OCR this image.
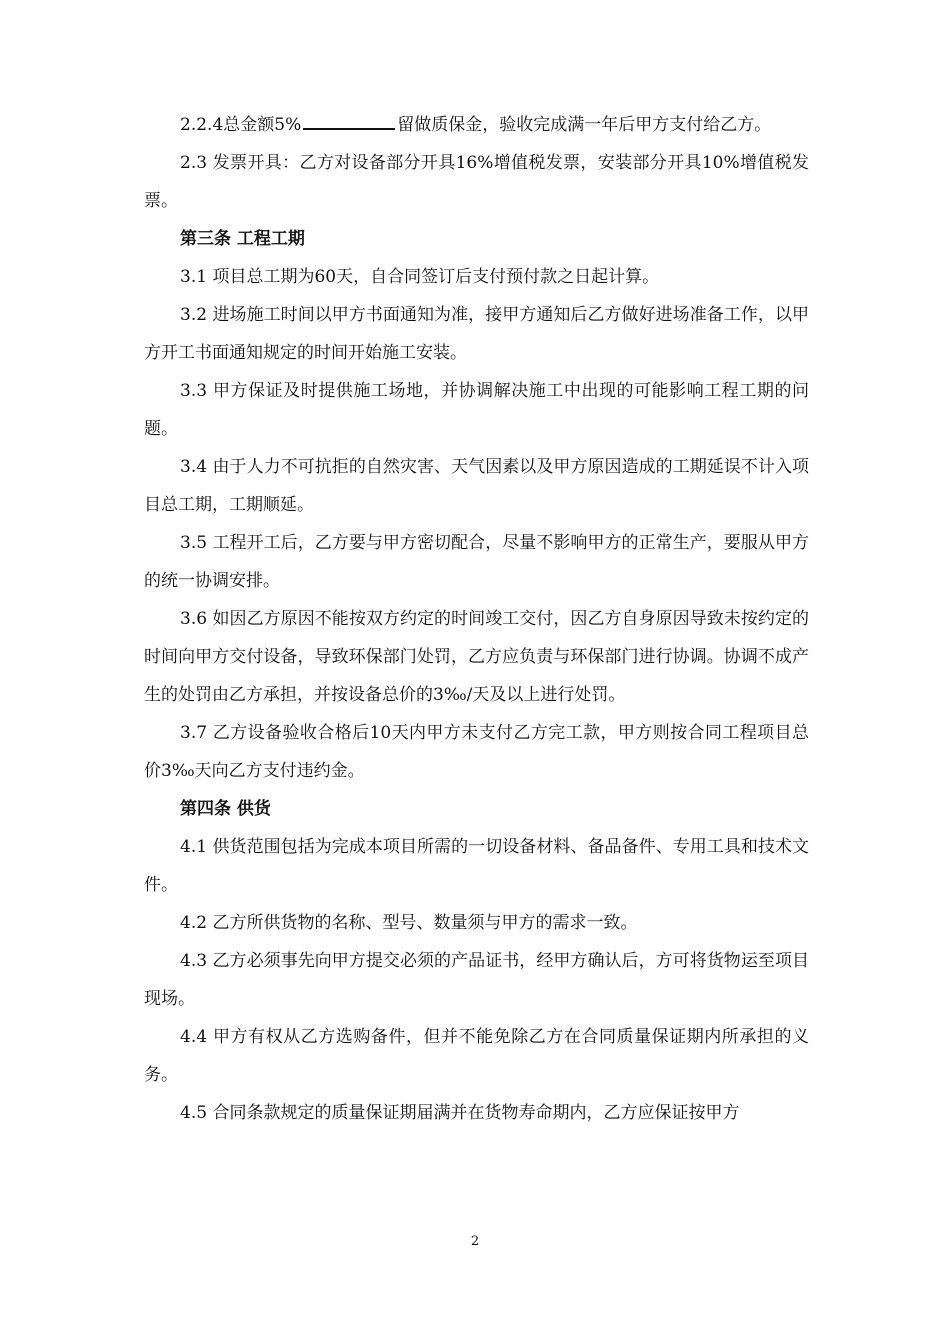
2.2.4总金额5%	留做质保金，验收完成满一年后甲方支付给乙方。

2.3 发票开具：乙方对设备部分开具16%增值税发票，安装部分开具10%增值税发票。

第三条 工程工期

3.1 项目总工期为60天，自合同签订后支付预付款之日起计算。

3.2 进场施工时间以甲方书面通知为准，接甲方通知后乙方做好进场准备工作，以甲方开工书面通知规定的时间开始施工安装。

3.3 甲方保证及时提供施工场地，并协调解决施工中出现的可能影响工程工期的问题。

3.4 由于人力不可抗拒的自然灾害、天气因素以及甲方原因造成的工期延误不计入项目总工期，工期顺延。

3.5 工程开工后，乙方要与甲方密切配合，尽量不影响甲方的正常生产，要服从甲方的统一协调安排。

3.6 如因乙方原因不能按双方约定的时间竣工交付，因乙方自身原因导致未按约定的时间向甲方交付设备，导致环保部门处罚，乙方应负责与环保部门进行协调。协调不成产生的处罚由乙方承担，并按设备总价的3‰/天及以上进行处罚。

3.7 乙方设备验收合格后10天内甲方未支付乙方完工款，甲方则按合同工程项目总价3‰天向乙方支付违约金。

第四条 供货

4.1 供货范围包括为完成本项目所需的一切设备材料、备品备件、专用工具和技术文件。

4.2 乙方所供货物的名称、型号、数量须与甲方的需求一致。

4.3 乙方必须事先向甲方提交必须的产品证书，经甲方确认后，方可将货物运至项目现场。

4.4 甲方有权从乙方选购备件，但并不能免除乙方在合同质量保证期内所承担的义务。

4.5 合同条款规定的质量保证期届满并在货物寿命期内，乙方应保证按甲方

2
